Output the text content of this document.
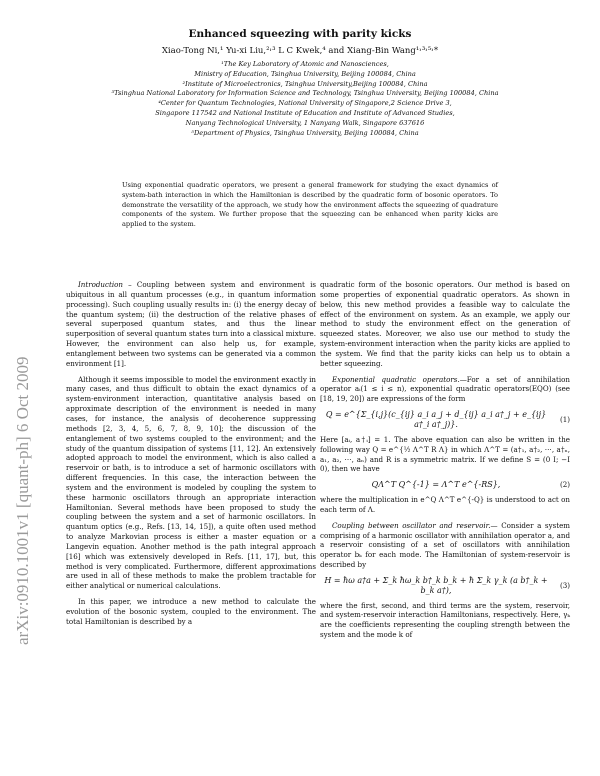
arXiv:0910.1001v1 [quant-ph] 6 Oct 2009
Enhanced squeezing with parity kicks
Xiao-Tong Ni,¹ Yu-xi Liu,²˒³ L C Kwek,⁴ and Xiang-Bin Wang¹˒³˒⁵˒*
¹The Key Laboratory of Atomic and Nanosciences,
Ministry of Education, Tsinghua University, Beijing 100084, China
²Institute of Microelectronics, Tsinghua University,Beijing 100084, China
³Tsinghua National Laboratory for Information Science and Technology, Tsinghua University, Beijing 100084, China
⁴Center for Quantum Technologies, National University of Singapore,2 Science Drive 3,
Singapore 117542 and National Institute of Education and Institute of Advanced Studies,
Nanyang Technological University, 1 Nanyang Walk, Singapore 637616
⁵Department of Physics, Tsinghua University, Beijing 100084, China
Using exponential quadratic operators, we present a general framework for studying the exact dynamics of system-bath interaction in which the Hamiltonian is described by the quadratic form of bosonic operators. To demonstrate the versatility of the approach, we study how the environment affects the squeezing of quadrature components of the system. We further propose that the squeezing can be enhanced when parity kicks are applied to the system.

Introduction – Coupling between system and environment is ubiquitous in all quantum processes (e.g., in quantum information processing). Such coupling usually results in: (i) the energy decay of the quantum system; (ii) the destruction of the relative phases of several superposed quantum states, and thus the linear superposition of several quantum states turn into a classical mixture. However, the environment can also help us, for example, entanglement between two systems can be generated via a common environment [1].

Although it seems impossible to model the environment exactly in many cases, and thus difficult to obtain the exact dynamics of a system-environment interaction, quantitative analysis based on approximate description of the environment is needed in many cases, for instance, the analysis of decoherence suppressing methods [2, 3, 4, 5, 6, 7, 8, 9, 10]; the discussion of the entanglement of two systems coupled to the environment; and the study of the quantum dissipation of systems [11, 12]. An extensively adopted approach to model the environment, which is also called a reservoir or bath, is to introduce a set of harmonic oscillators with different frequencies. In this case, the interaction between the system and the environment is modeled by coupling the system to these harmonic oscillators through an appropriate interaction Hamiltonian. Several methods have been proposed to study the coupling between the system and a set of harmonic oscillators. In quantum optics (e.g., Refs. [13, 14, 15]), a quite often used method to analyze Markovian process is either a master equation or a Langevin equation. Another method is the path integral approach [16] which was extensively developed in Refs. [11, 17], but, this method is very complicated. Furthermore, different approximations are used in all of these methods to make the problem tractable for either analytical or numerical calculations.

In this paper, we introduce a new method to calculate the evolution of the bosonic system, coupled to the environment. The total Hamiltonian is described by a

quadratic form of the bosonic operators. Our method is based on some properties of exponential quadratic operators. As shown in below, this new method provides a feasible way to calculate the effect of the environment on system. As an example, we apply our method to study the environment effect on the generation of squeezed states. Moreover, we also use our method to study the system-environment interaction when the parity kicks are applied to the system. We find that the parity kicks can help us to obtain a better squeezing.

Exponential quadratic operators.—For a set of annihilation operator aᵢ(1 ≤ i ≤ n), exponential quadratic operators(EQO) (see [18, 19, 20]) are expressions of the form

Q = e^{Σ_{i,j}(c_{ij} a_i a_j + d_{ij} a_i a†_j + e_{ij} a†_i a†_j)}.
(1)

Here [aᵢ, a†ᵢ] = 1. The above equation can also be written in the following way Q = e^{½ Λ^T R Λ} in which Λ^T = (a†₁, a†₂, ⋯, a†ₙ, a₁, a₂, ⋯, aₙ) and R is a symmetric matrix. If we define S = (0 I; −I 0), then we have

QΛ^T Q^{-1} = Λ^T e^{-RS},	(2)

where the multiplication in e^Q Λ^T e^{-Q} is understood to act on each term of Λ.

Coupling between oscillator and reservoir.— Consider a system comprising of a harmonic oscillator with annihilation operator a, and a reservoir consisting of a set of oscillators with annihilation operator bₖ for each mode. The Hamiltonian of system-reservoir is described by

H = ħω a†a + Σ_k ħω_k b†_k b_k + ħ Σ_k γ_k (a b†_k + b_k a†),
(3)

where the first, second, and third terms are the system, reservoir, and system-reservoir interaction Hamiltonians, respectively. Here, γₖ are the coefficients representing the coupling strength between the system and the mode k of
